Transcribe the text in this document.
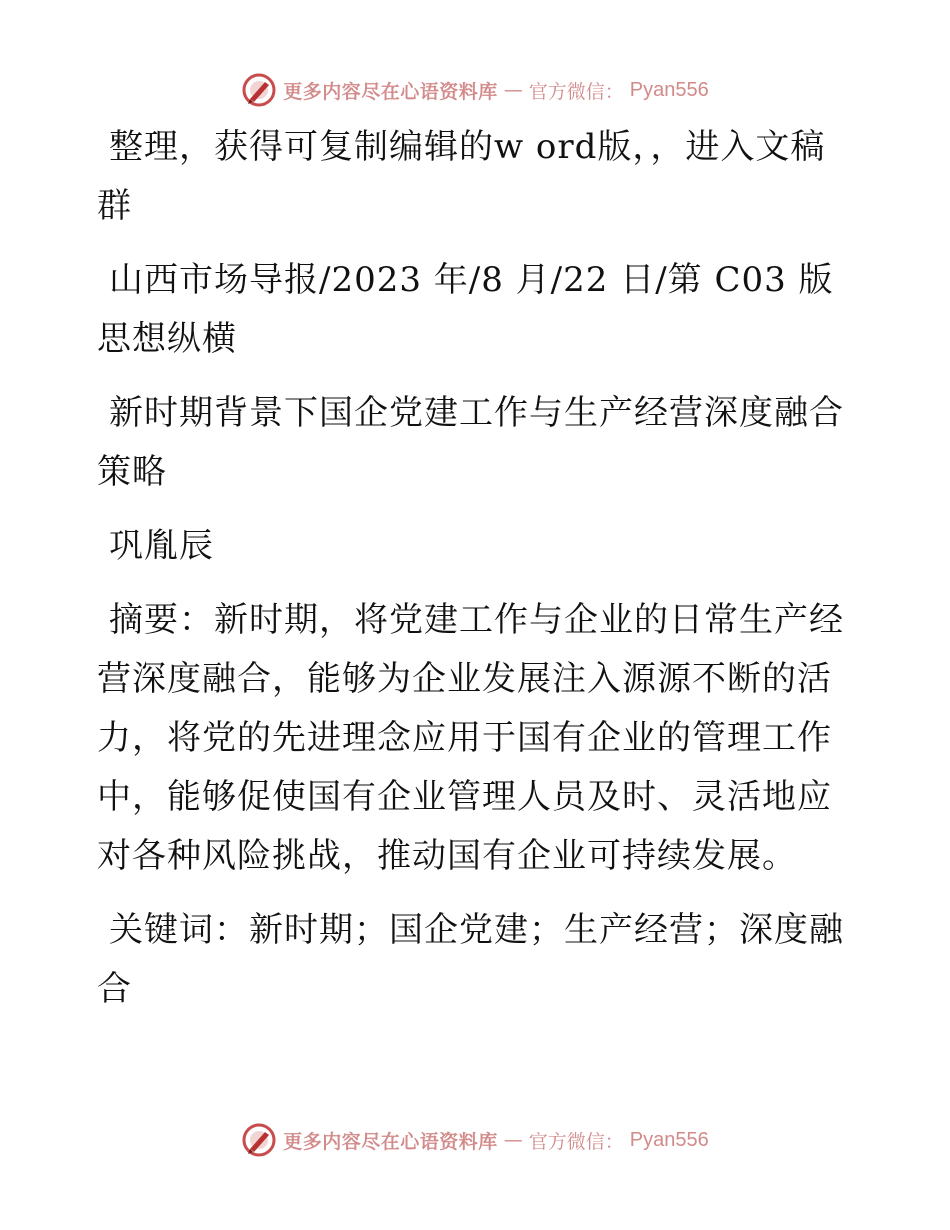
更多内容尽在心语资料库 — 官方微信： Pyan556

整理，获得可复制编辑的w ord版，，进入文稿群

山西市场导报/2023 年/8 月/22 日/第 C03 版思想纵横

新时期背景下国企党建工作与生产经营深度融合策略

巩胤辰

摘要：新时期，将党建工作与企业的日常生产经营深度融合，能够为企业发展注入源源不断的活力，将党的先进理念应用于国有企业的管理工作中，能够促使国有企业管理人员及时、灵活地应对各种风险挑战，推动国有企业可持续发展。

关键词：新时期；国企党建；生产经营；深度融合

更多内容尽在心语资料库 — 官方微信： Pyan556
